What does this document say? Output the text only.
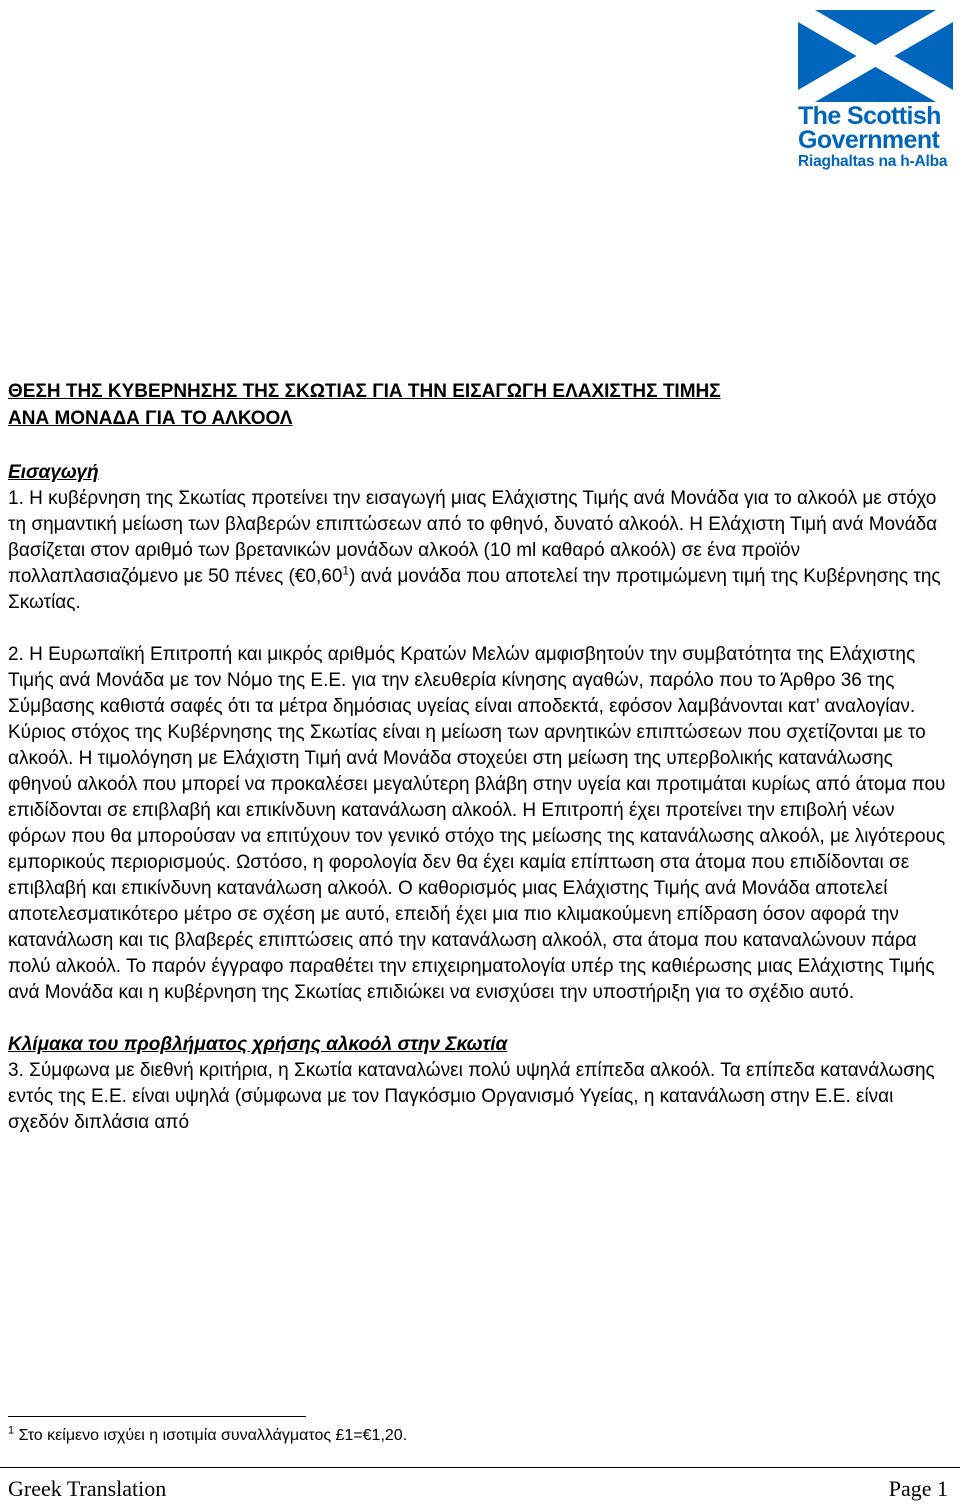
The Scottish
Government
Riaghaltas na h-Alba
ΘΕΣΗ ΤΗΣ ΚΥΒΕΡΝΗΣΗΣ ΤΗΣ ΣΚΩΤΙΑΣ ΓΙΑ ΤΗΝ ΕΙΣΑΓΩΓΗ ΕΛΑΧΙΣΤΗΣ ΤΙΜΗΣ
ΑΝΑ ΜΟΝΑΔΑ ΓΙΑ ΤΟ ΑΛΚΟΟΛ
Εισαγωγή

1. Η κυβέρνηση της Σκωτίας προτείνει την εισαγωγή μιας Ελάχιστης Τιμής ανά Μονάδα για το αλκοόλ με στόχο τη σημαντική μείωση των βλαβερών επιπτώσεων από το φθηνό, δυνατό αλκοόλ. Η Ελάχιστη Τιμή ανά Μονάδα βασίζεται στον αριθμό των βρετανικών μονάδων αλκοόλ (10 ml καθαρό αλκοόλ) σε ένα προϊόν πολλαπλασιαζόμενο με 50 πένες (€0,60$^1$) ανά μονάδα που αποτελεί την προτιμώμενη τιμή της Κυβέρνησης της Σκωτίας.

2. Η Ευρωπαϊκή Επιτροπή και μικρός αριθμός Κρατών Μελών αμφισβητούν την συμβατότητα της Ελάχιστης Τιμής ανά Μονάδα με τον Νόμο της Ε.Ε. για την ελευθερία κίνησης αγαθών, παρόλο που το Άρθρο 36 της Σύμβασης καθιστά σαφές ότι τα μέτρα δημόσιας υγείας είναι αποδεκτά, εφόσον λαμβάνονται κατ’ αναλογίαν. Κύριος στόχος της Κυβέρνησης της Σκωτίας είναι η μείωση των αρνητικών επιπτώσεων που σχετίζονται με το αλκοόλ. Η τιμολόγηση με Ελάχιστη Τιμή ανά Μονάδα στοχεύει στη μείωση της υπερβολικής κατανάλωσης φθηνού αλκοόλ που μπορεί να προκαλέσει μεγαλύτερη βλάβη στην υγεία και προτιμάται κυρίως από άτομα που επιδίδονται σε επιβλαβή και επικίνδυνη κατανάλωση αλκοόλ. Η Επιτροπή έχει προτείνει την επιβολή νέων φόρων που θα μπορούσαν να επιτύχουν τον γενικό στόχο της μείωσης της κατανάλωσης αλκοόλ, με λιγότερους εμπορικούς περιορισμούς. Ωστόσο, η φορολογία δεν θα έχει καμία επίπτωση στα άτομα που επιδίδονται σε επιβλαβή και επικίνδυνη κατανάλωση αλκοόλ. Ο καθορισμός μιας Ελάχιστης Τιμής ανά Μονάδα αποτελεί αποτελεσματικότερο μέτρο σε σχέση με αυτό, επειδή έχει μια πιο κλιμακούμενη επίδραση όσον αφορά την κατανάλωση και τις βλαβερές επιπτώσεις από την κατανάλωση αλκοόλ, στα άτομα που καταναλώνουν πάρα πολύ αλκοόλ. Το παρόν έγγραφο παραθέτει την επιχειρηματολογία υπέρ της καθιέρωσης μιας Ελάχιστης Τιμής ανά Μονάδα και η κυβέρνηση της Σκωτίας επιδιώκει να ενισχύσει την υποστήριξη για το σχέδιο αυτό.

Κλίμακα του προβλήματος χρήσης αλκοόλ στην Σκωτία

3. Σύμφωνα με διεθνή κριτήρια, η Σκωτία καταναλώνει πολύ υψηλά επίπεδα αλκοόλ. Τα επίπεδα κατανάλωσης εντός της Ε.Ε. είναι υψηλά (σύμφωνα με τον Παγκόσμιο Οργανισμό Υγείας, η κατανάλωση στην Ε.Ε. είναι σχεδόν διπλάσια από

$^1$ Στο κείμενο ισχύει η ισοτιμία συναλλάγματος £1=€1,20.
Greek Translation	Page 1
